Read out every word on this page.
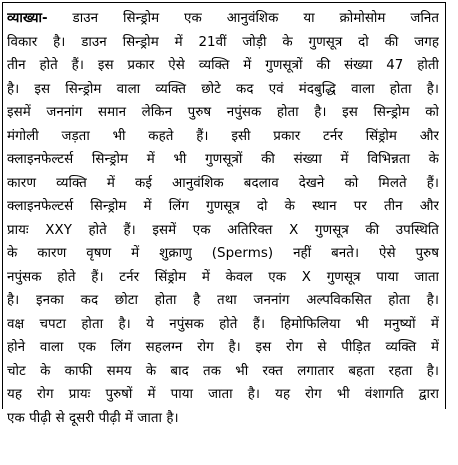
व्याख्या- डाउन सिन्ड्रोम एक आनुवंशिक या क्रोमोसोम जनित
विकार है। डाउन सिन्ड्रोम में 21वीं जोड़ी के गुणसूत्र दो की जगह
तीन होते हैं। इस प्रकार ऐसे व्यक्ति में गुणसूत्रों की संख्या 47 होती
है। इस सिन्ड्रोम वाला व्यक्ति छोटे कद एवं मंदबुद्धि वाला होता है।
इसमें जननांग समान लेकिन पुरुष नपुंसक होता है। इस सिन्ड्रोम को
मंगोली जड़ता भी कहते हैं। इसी प्रकार टर्नर सिंड्रोम और
क्लाइनफेल्टर्स सिन्ड्रोम में भी गुणसूत्रों की संख्या में विभिन्नता के
कारण व्यक्ति में कई आनुवंशिक बदलाव देखने को मिलते हैं।
क्लाइनफेल्टर्स सिन्ड्रोम में लिंग गुणसूत्र दो के स्थान पर तीन और
प्रायः XXY होते हैं। इसमें एक अतिरिक्त X गुणसूत्र की उपस्थिति
के कारण वृषण में शुक्राणु (Sperms) नहीं बनते। ऐसे पुरुष
नपुंसक होते हैं। टर्नर सिंड्रोम में केवल एक X गुणसूत्र पाया जाता
है। इनका कद छोटा होता है तथा जननांग अल्पविकसित होता है।
वक्ष चपटा होता है। ये नपुंसक होते हैं। हिमोफिलिया भी मनुष्यों में
होने वाला एक लिंग सहलग्न रोग है। इस रोग से पीड़ित व्यक्ति में
चोट के काफी समय के बाद तक भी रक्त लगातार बहता रहता है।
यह रोग प्रायः पुरुषों में पाया जाता है। यह रोग भी वंशागति द्वारा
एक पीढ़ी से दूसरी पीढ़ी में जाता है।
